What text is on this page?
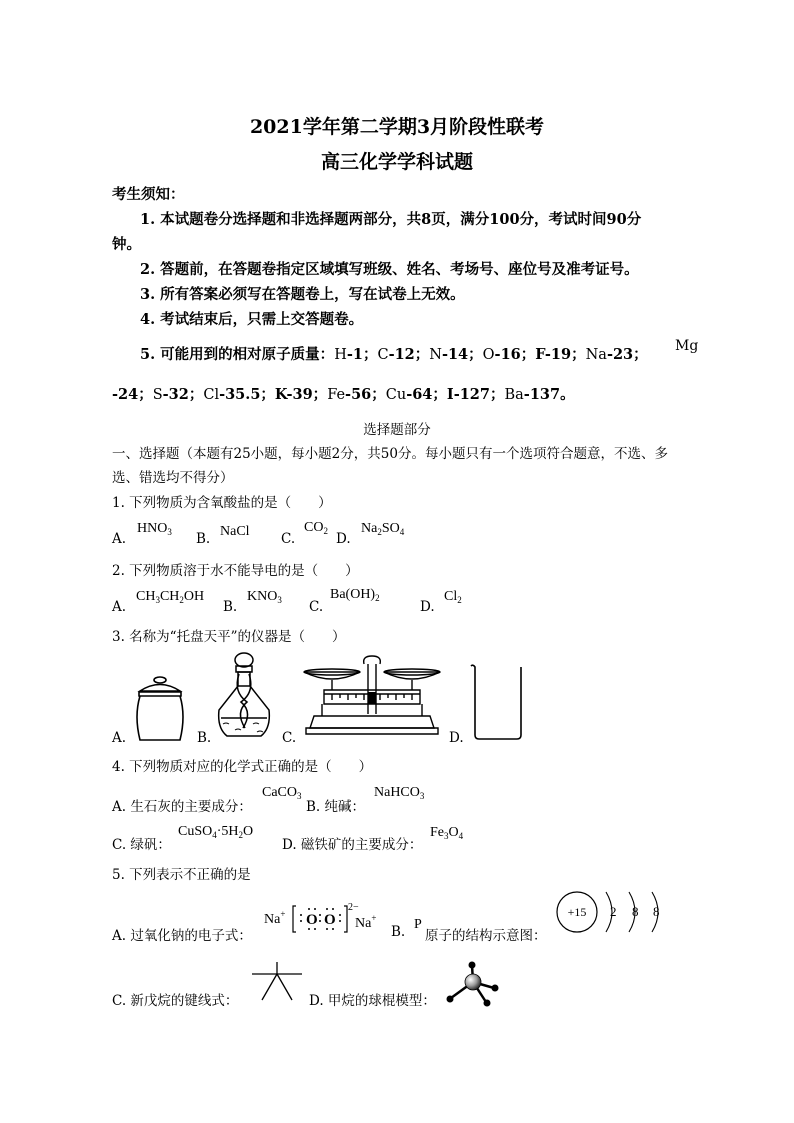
2021学年第二学期3月阶段性联考
高三化学学科试题
考生须知：
1. 本试题卷分选择题和非选择题两部分，共8页，满分100分，考试时间90分
钟。
2. 答题前，在答题卷指定区域填写班级、姓名、考场号、座位号及准考证号。
3. 所有答案必须写在答题卷上，写在试卷上无效。
4. 考试结束后，只需上交答题卷。
5. 可能用到的相对原子质量：H-1；C-12；N-14；O-16；F-19；Na-23； Mg
-24；S-32；Cl-35.5；K-39；Fe-56；Cu-64；I-127；Ba-137。
选择题部分
一、选择题（本题有25小题，每小题2分，共50分。每小题只有一个选项符合题意，不选、多
选、错选均不得分）
1. 下列物质为含氧酸盐的是（　　）
A.
$HNO_3$ B. NaCl C.
$CO_2$ D.
$Na_2SO_4$
2. 下列物质溶于水不能导电的是（　　）
A.
$CH_3CH_2OH$
B.
$KNO_3$ C.
$Ba(OH)_2$
D.
$Cl_2$
3. 名称为“托盘天平”的仪器是（　　）
A.	B.	C.	D.
4. 下列物质对应的化学式正确的是（　　）
A. 生石灰的主要成分：
CaCO$_3$
B. 纯碱：
NaHCO$_3$
C. 绿矾：
$CuSO_4\cdot 5H_2O$
D. 磁铁矿的主要成分：
$Fe_3O_4$
5. 下列表示不正确的是
A. 过氧化钠的电子式：
Na+ O O
2−
Na+
B. P
原子的结构示意图：
+15	2 8 8
C. 新戊烷的键线式：	D. 甲烷的球棍模型：
